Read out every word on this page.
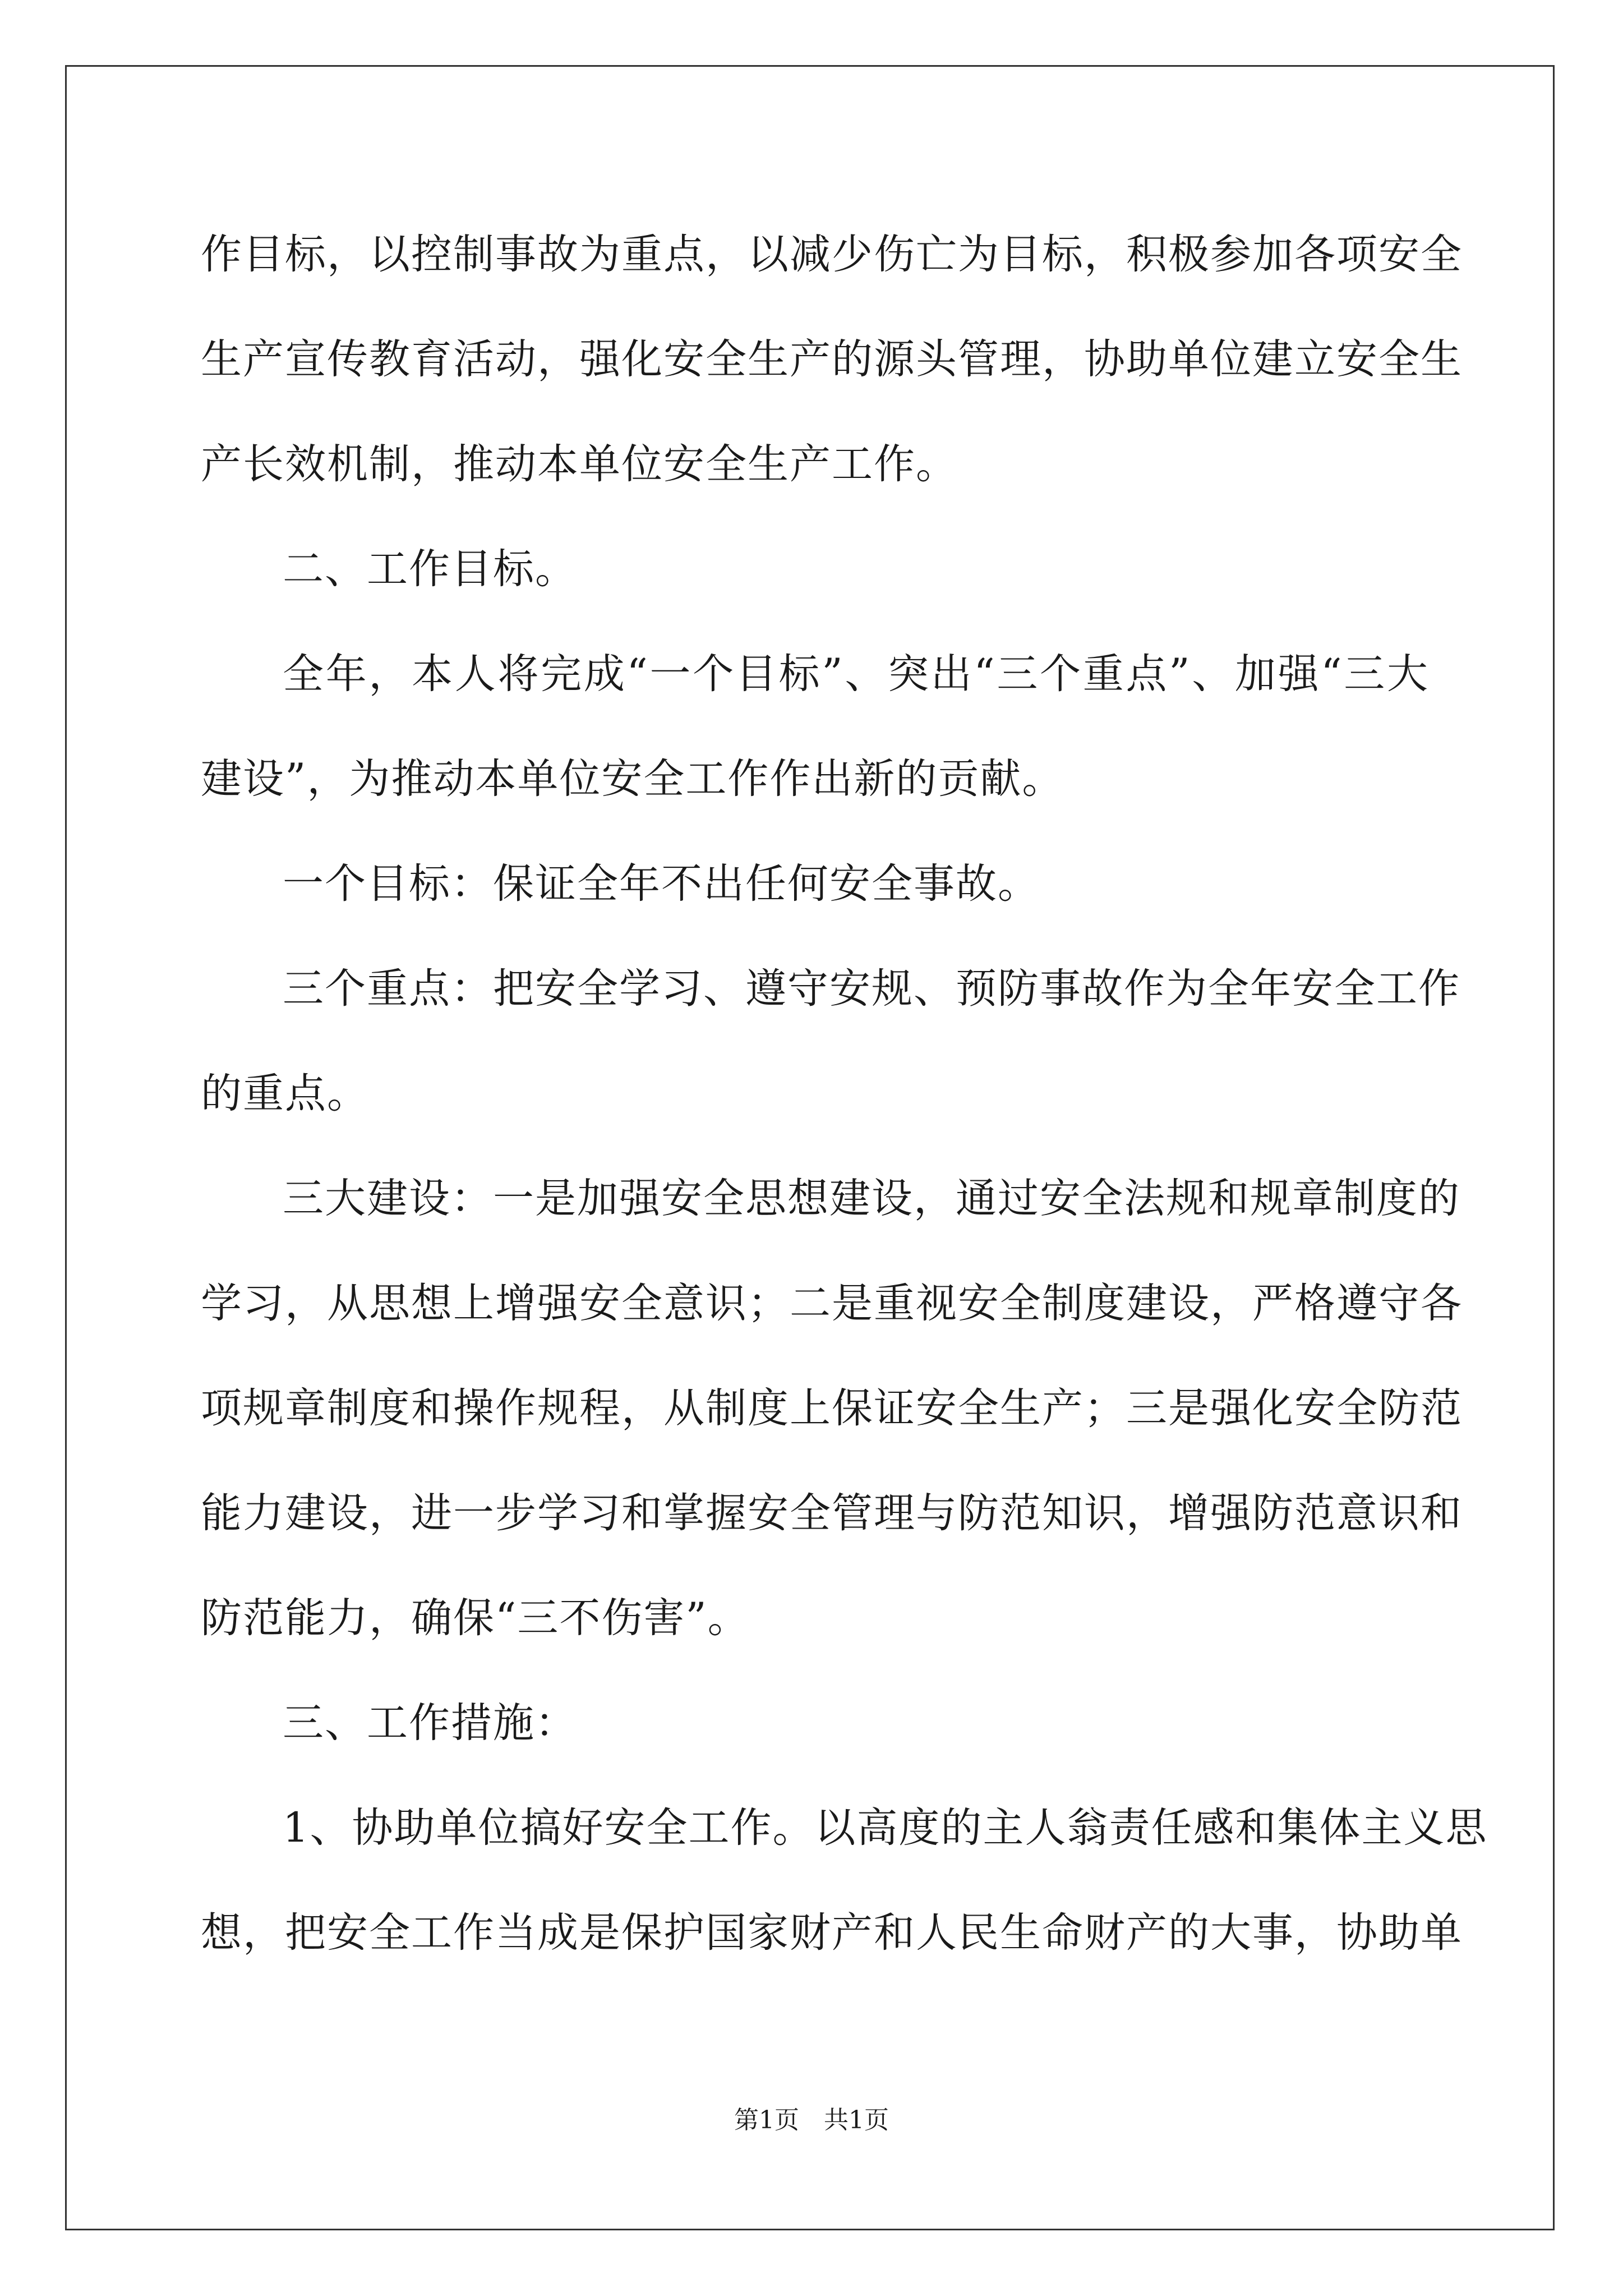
作目标，以控制事故为重点，以减少伤亡为目标，积极参加各项安全
生产宣传教育活动，强化安全生产的源头管理，协助单位建立安全生
产长效机制，推动本单位安全生产工作。
二、工作目标。
全年，本人将完成“一个目标”、突出“三个重点”、加强“三大
建设”，为推动本单位安全工作作出新的贡献。
一个目标：保证全年不出任何安全事故。
三个重点：把安全学习、遵守安规、预防事故作为全年安全工作
的重点。
三大建设：一是加强安全思想建设，通过安全法规和规章制度的
学习，从思想上增强安全意识；二是重视安全制度建设，严格遵守各
项规章制度和操作规程，从制度上保证安全生产；三是强化安全防范
能力建设，进一步学习和掌握安全管理与防范知识，增强防范意识和
防范能力，确保“三不伤害”。
三、工作措施：
1、协助单位搞好安全工作。以高度的主人翁责任感和集体主义思
想，把安全工作当成是保护国家财产和人民生命财产的大事，协助单
第1页 共1页
